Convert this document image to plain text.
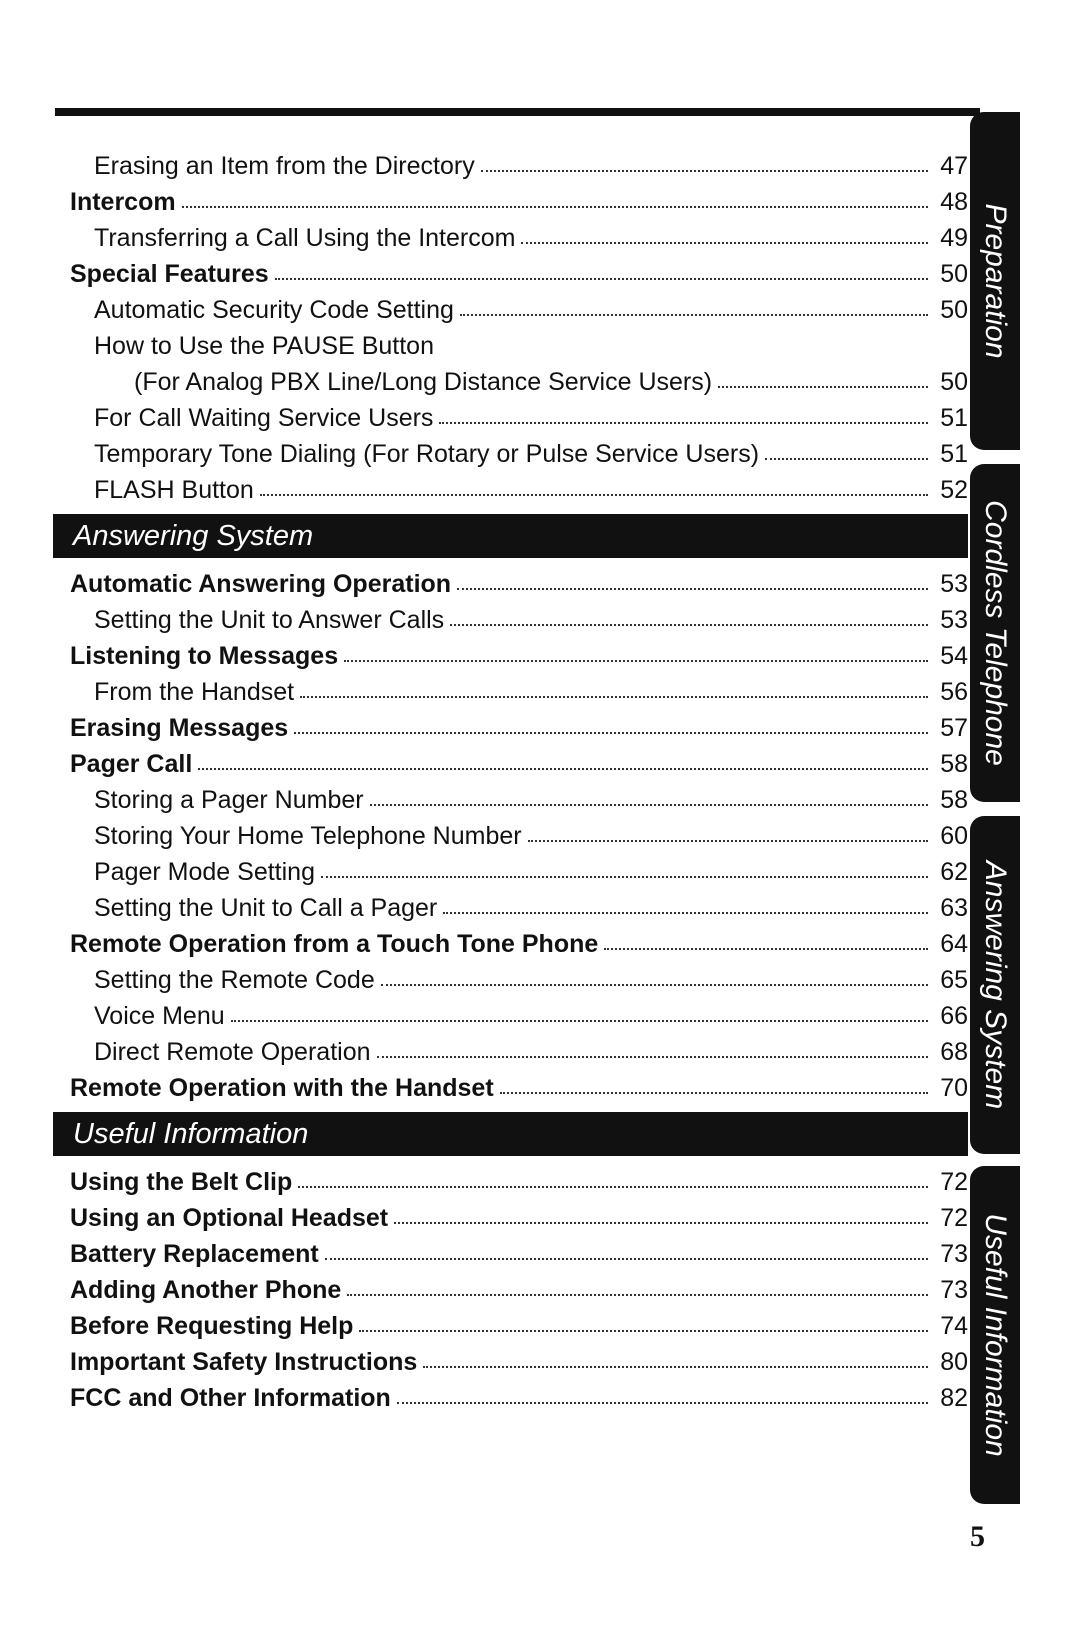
Erasing an Item from the Directory	47
Intercom	48
Transferring a Call Using the Intercom	49
Special Features	50
Automatic Security Code Setting	50
How to Use the PAUSE Button
(For Analog PBX Line/Long Distance Service Users)	50
For Call Waiting Service Users	51
Temporary Tone Dialing (For Rotary or Pulse Service Users)	51
FLASH Button	52
Answering System
Automatic Answering Operation	53
Setting the Unit to Answer Calls	53
Listening to Messages	54
From the Handset	56
Erasing Messages	57
Pager Call	58
Storing a Pager Number	58
Storing Your Home Telephone Number	60
Pager Mode Setting	62
Setting the Unit to Call a Pager	63
Remote Operation from a Touch Tone Phone	64
Setting the Remote Code	65
Voice Menu	66
Direct Remote Operation	68
Remote Operation with the Handset	70
Useful Information
Using the Belt Clip	72
Using an Optional Headset	72
Battery Replacement	73
Adding Another Phone	73
Before Requesting Help	74
Important Safety Instructions	80
FCC and Other Information	82
Preparation
Cordless Telephone
Answering System
Useful Information
5
